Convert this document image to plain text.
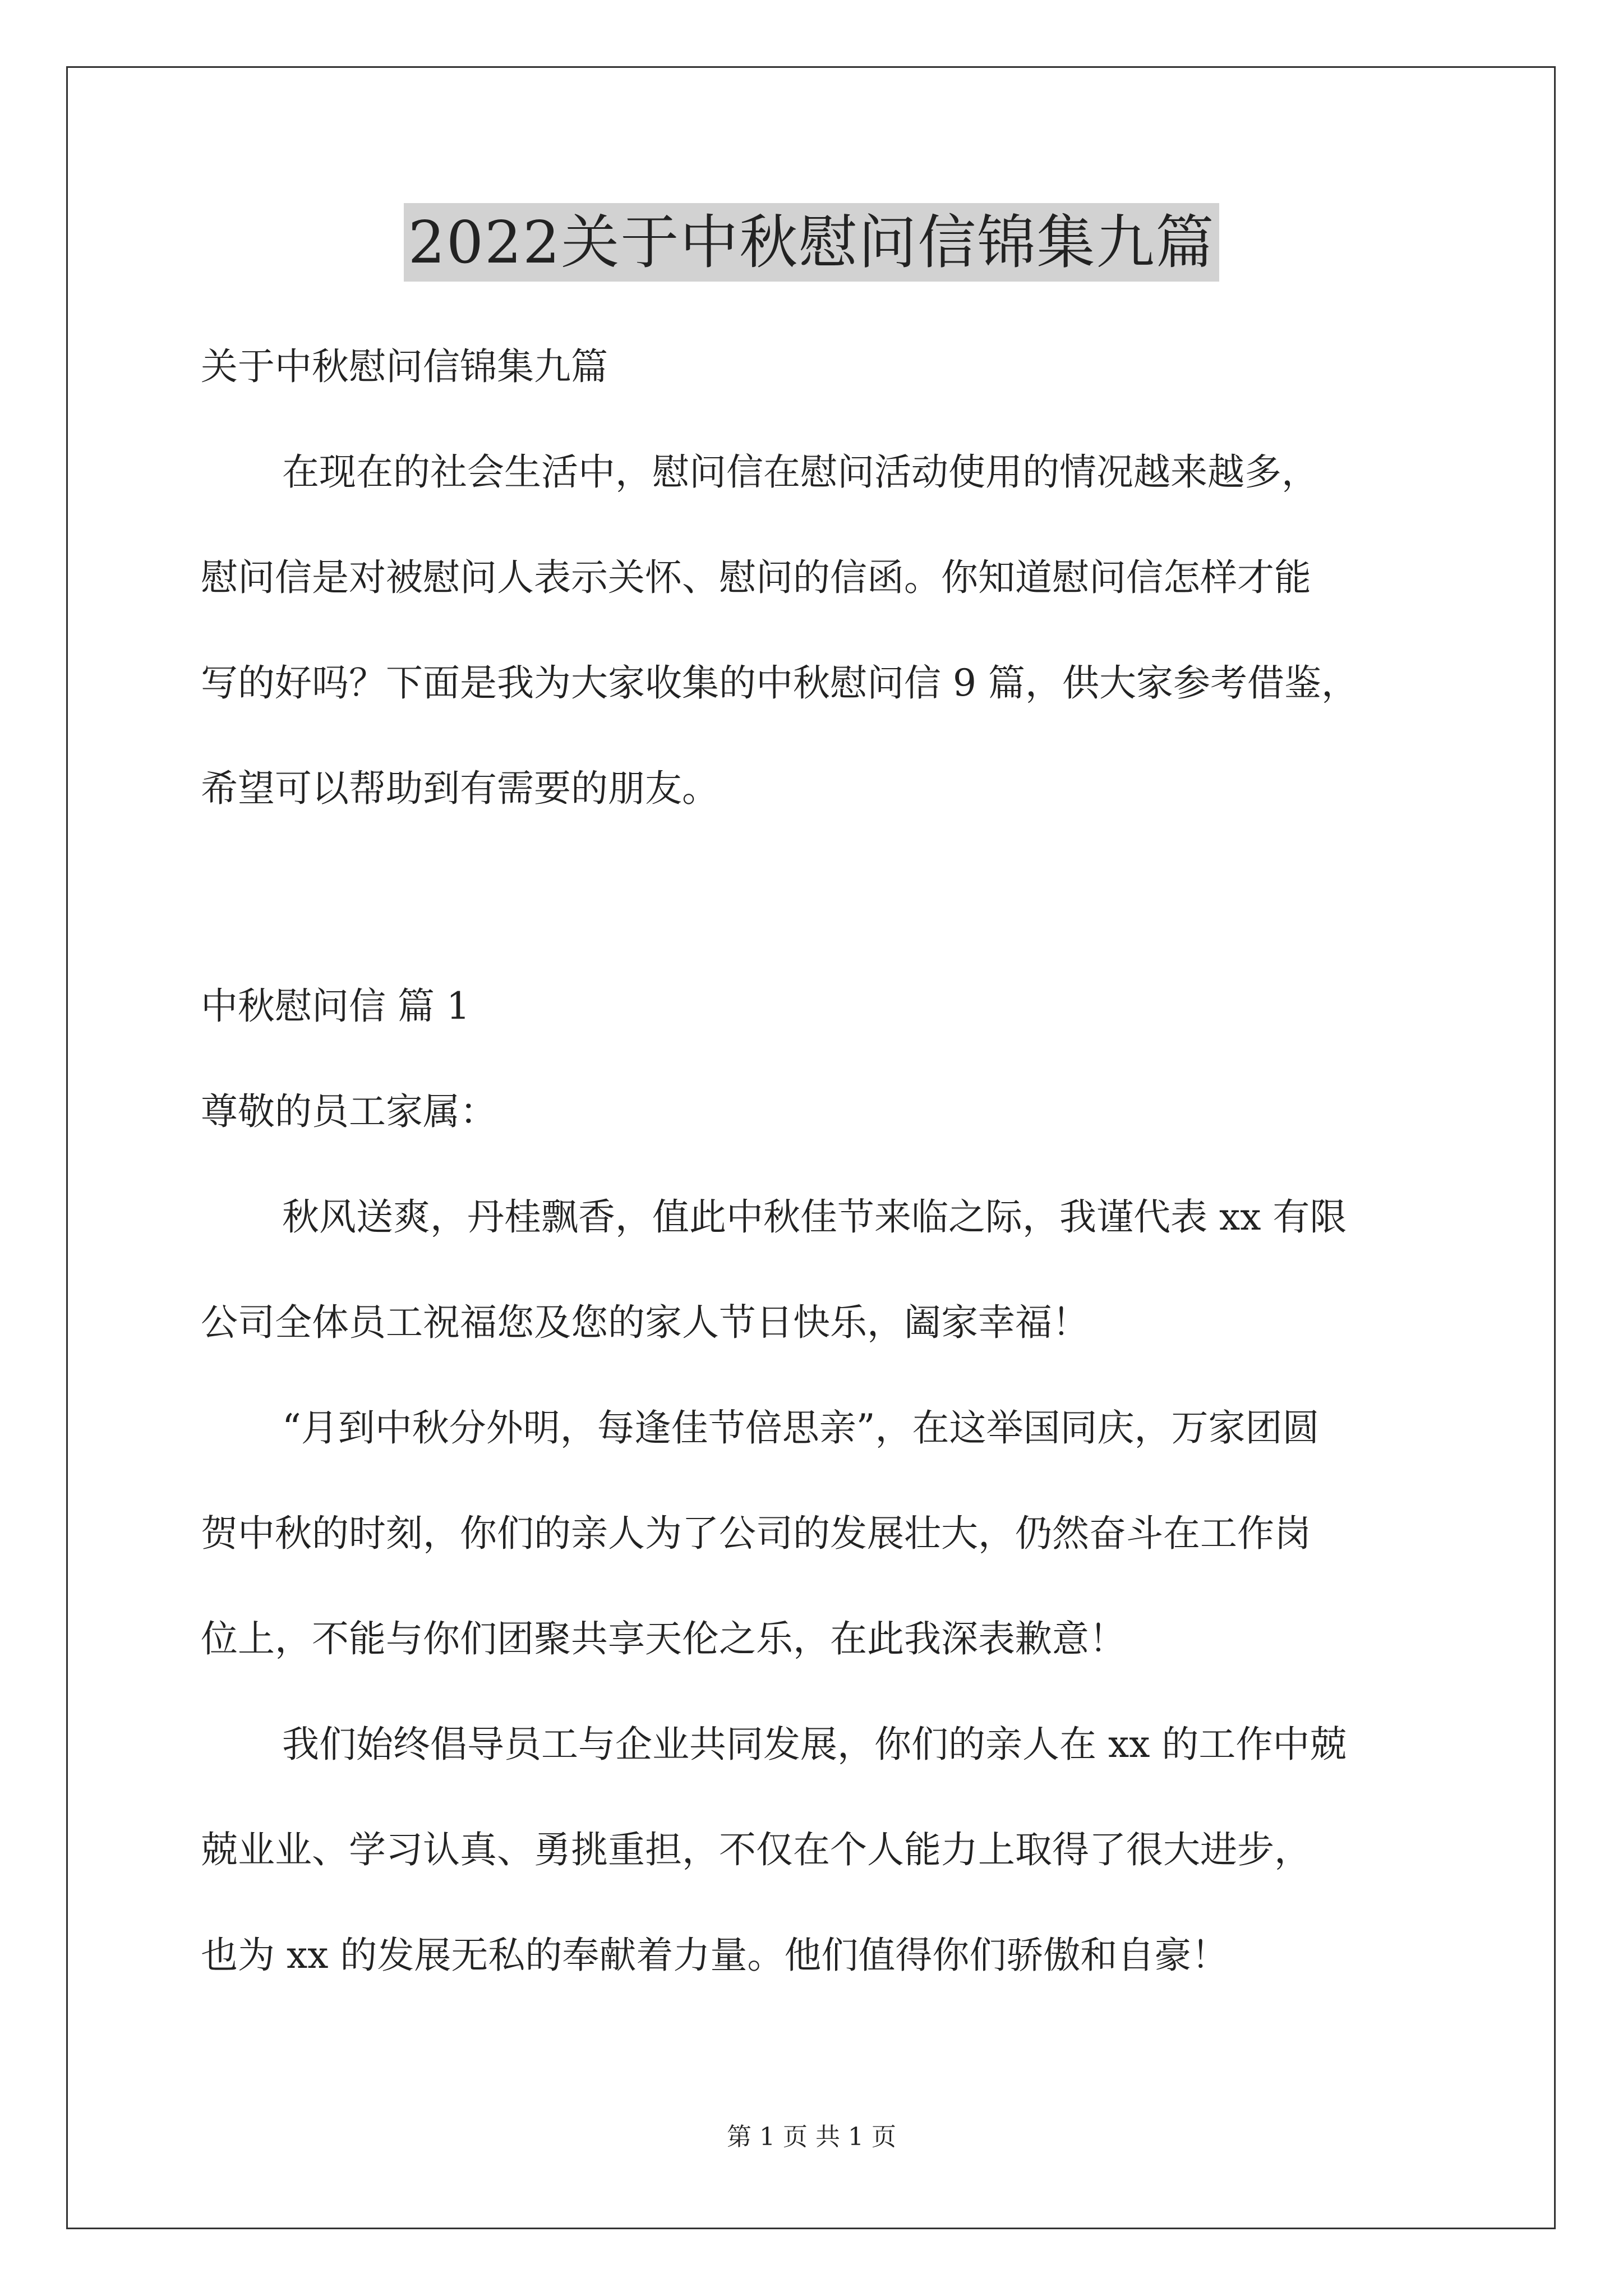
2022关于中秋慰问信锦集九篇

关于中秋慰问信锦集九篇

在现在的社会生活中，慰问信在慰问活动使用的情况越来越多，

慰问信是对被慰问人表示关怀、慰问的信函。你知道慰问信怎样才能

写的好吗？下面是我为大家收集的中秋慰问信 9 篇，供大家参考借鉴，

希望可以帮助到有需要的朋友。

中秋慰问信 篇 1

尊敬的员工家属：

秋风送爽，丹桂飘香，值此中秋佳节来临之际，我谨代表 xx 有限

公司全体员工祝福您及您的家人节日快乐，阖家幸福！

“月到中秋分外明，每逢佳节倍思亲”，在这举国同庆，万家团圆

贺中秋的时刻，你们的亲人为了公司的发展壮大，仍然奋斗在工作岗

位上，不能与你们团聚共享天伦之乐，在此我深表歉意！

我们始终倡导员工与企业共同发展，你们的亲人在 xx 的工作中兢

兢业业、学习认真、勇挑重担，不仅在个人能力上取得了很大进步，

也为 xx 的发展无私的奉献着力量。他们值得你们骄傲和自豪！

第 1 页 共 1 页
